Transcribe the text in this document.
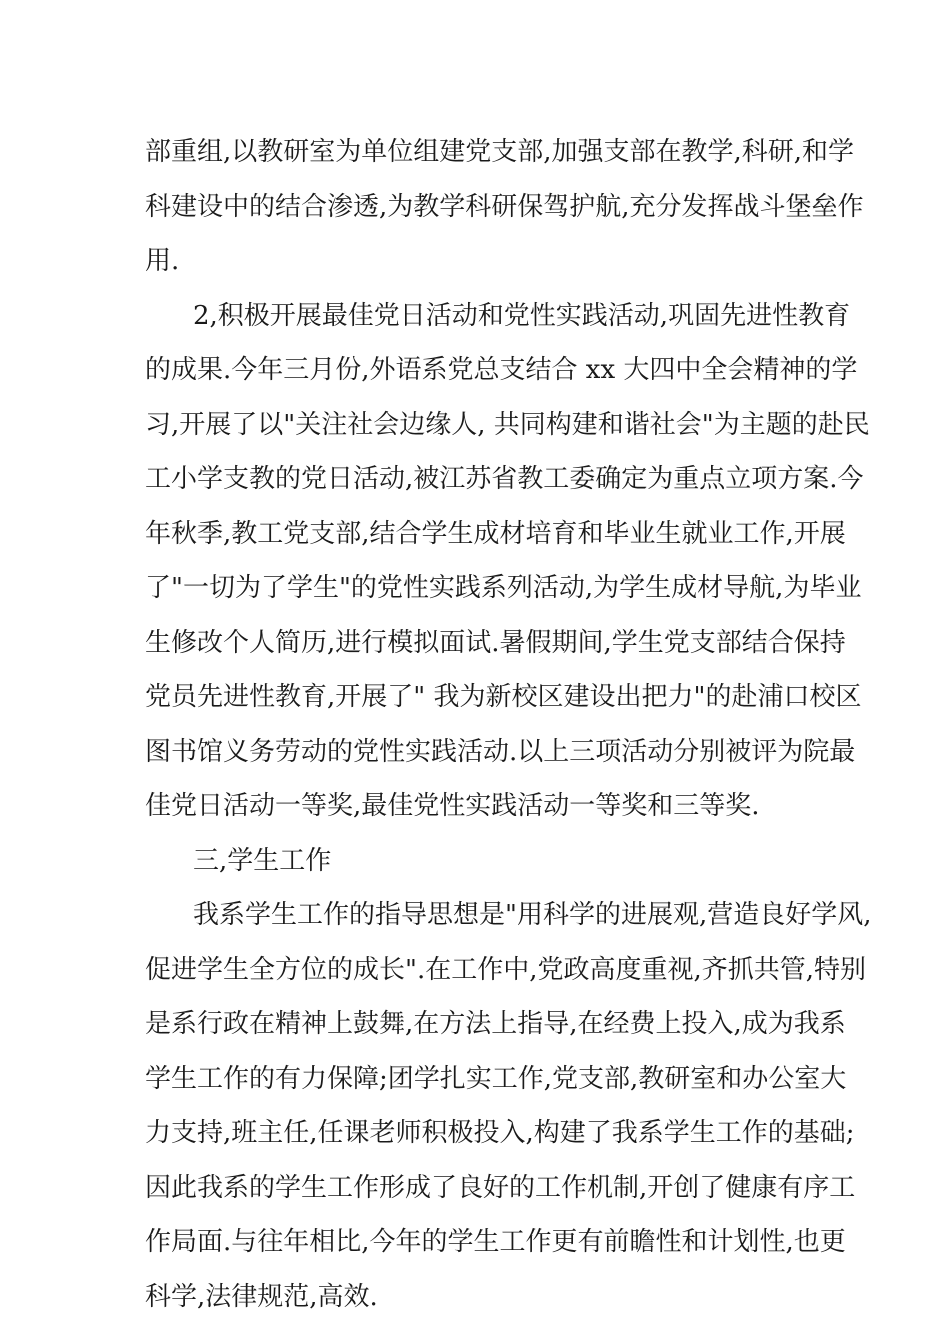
部重组,以教研室为单位组建党支部,加强支部在教学,科研,和学
科建设中的结合渗透,为教学科研保驾护航,充分发挥战斗堡垒作
用.
2,积极开展最佳党日活动和党性实践活动,巩固先进性教育
的成果.今年三月份,外语系党总支结合 xx 大四中全会精神的学
习,开展了以"关注社会边缘人, 共同构建和谐社会"为主题的赴民
工小学支教的党日活动,被江苏省教工委确定为重点立项方案.今
年秋季,教工党支部,结合学生成材培育和毕业生就业工作,开展
了"一切为了学生"的党性实践系列活动,为学生成材导航,为毕业
生修改个人简历,进行模拟面试.暑假期间,学生党支部结合保持
党员先进性教育,开展了" 我为新校区建设出把力"的赴浦口校区
图书馆义务劳动的党性实践活动.以上三项活动分别被评为院最
佳党日活动一等奖,最佳党性实践活动一等奖和三等奖.
三,学生工作
我系学生工作的指导思想是"用科学的进展观,营造良好学风,
促进学生全方位的成长".在工作中,党政高度重视,齐抓共管,特别
是系行政在精神上鼓舞,在方法上指导,在经费上投入,成为我系
学生工作的有力保障;团学扎实工作,党支部,教研室和办公室大
力支持,班主任,任课老师积极投入,构建了我系学生工作的基础;
因此我系的学生工作形成了良好的工作机制,开创了健康有序工
作局面.与往年相比,今年的学生工作更有前瞻性和计划性,也更
科学,法律规范,高效.
